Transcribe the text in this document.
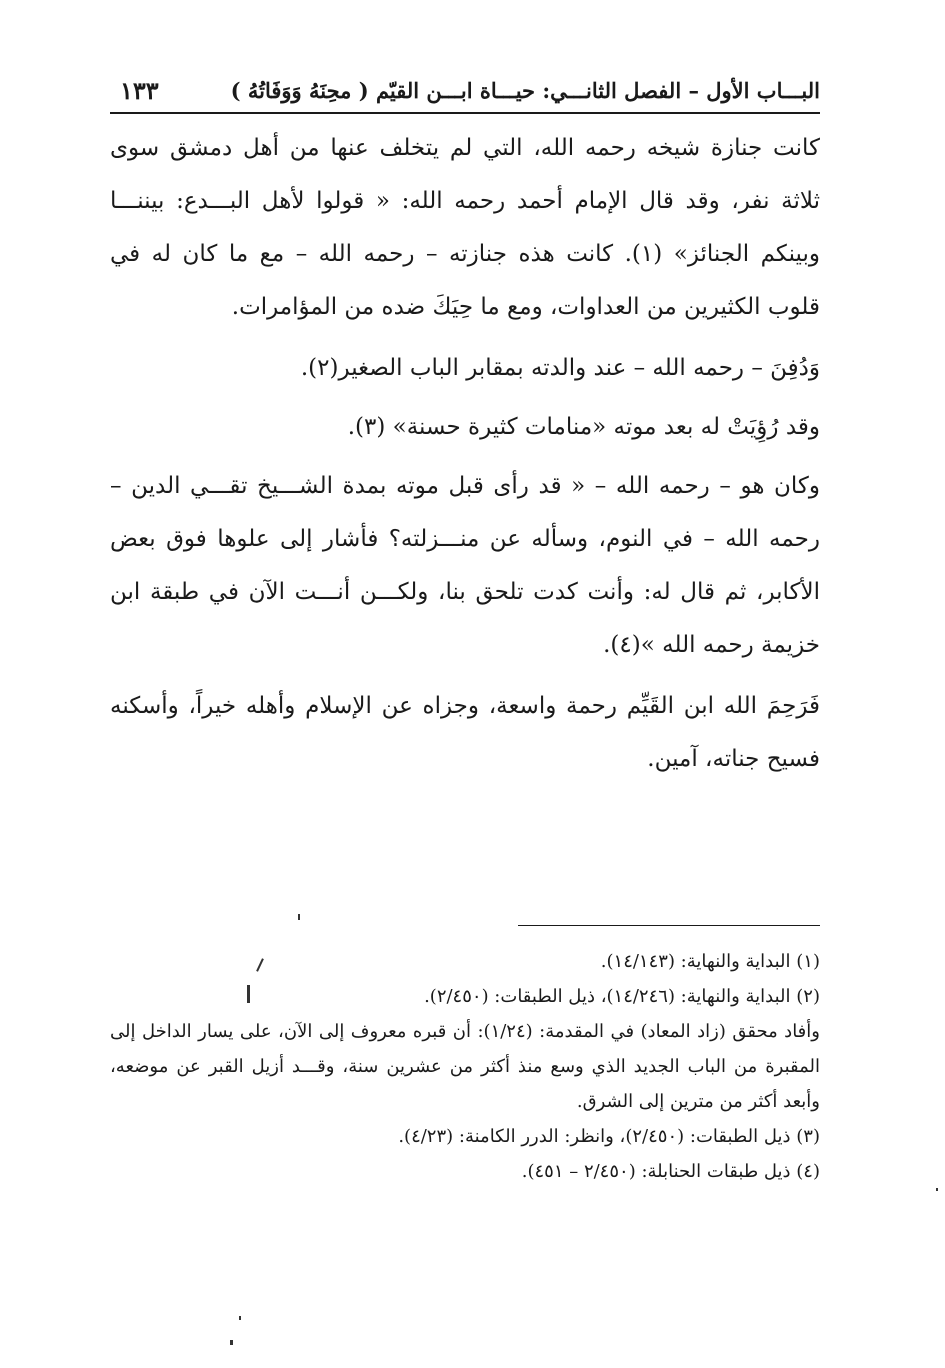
البـــاب الأول – الفصل الثانـــي: حيـــاة ابـــن القيّم ( محِنَهُ وَوَفَاتُهُ )
١٣٣

كانت جنازة شيخه رحمه الله، التي لم يتخلف عنها من أهل دمشق سوى ثلاثة نفر، وقد قال الإمام أحمد رحمه الله: « قولوا لأهل البـــدع: بيننـــا وبينكم الجنائز» (١). كانت هذه جنازته – رحمه الله – مع ما كان له في قلوب الكثيرين من العداوات، ومع ما حِيَكَ ضده من المؤامرات.

وَدُفِنَ – رحمه الله – عند والدته بمقابر الباب الصغير(٢).

وقد رُؤِيَتْ له بعد موته «منامات كثيرة حسنة» (٣).

وكان هو – رحمه الله – « قد رأى قبل موته بمدة الشـــيخ تقـــي الدين – رحمه الله – في النوم، وسأله عن منـــزلته؟ فأشار إلى علوها فوق بعض الأكابر، ثم قال له: وأنت كدت تلحق بنا، ولكـــن أنـــت الآن في طبقة ابن خزيمة رحمه الله »(٤).

فَرَحِمَ الله ابن القَيِّم رحمة واسعة، وجزاه عن الإسلام وأهله خيراً، وأسكنه فسيح جناته، آمين.

(١) البداية والنهاية: (١٤/١٤٣).

(٢) البداية والنهاية: (١٤/٢٤٦)، ذيل الطبقات: (٢/٤٥٠).

وأفاد محقق (زاد المعاد) في المقدمة: (١/٢٤): أن قبره معروف إلى الآن، على يسار الداخل إلى المقبرة من الباب الجديد الذي وسع منذ أكثر من عشرين سنة، وقـــد أزيل القبر عن موضعه، وأبعد أكثر من مترين إلى الشرق.

(٣) ذيل الطبقات: (٢/٤٥٠)، وانظر: الدرر الكامنة: (٤/٢٣).

(٤) ذيل طبقات الحنابلة: (٢/٤٥٠ – ٤٥١).
